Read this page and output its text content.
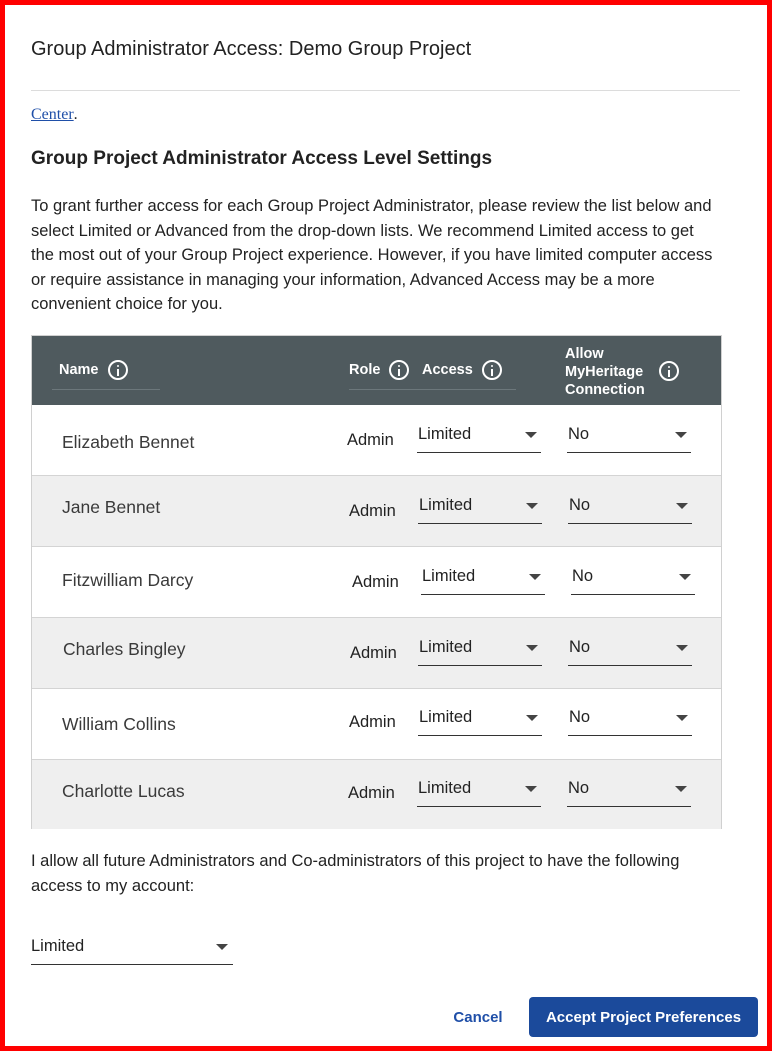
Group Administrator Access: Demo Group Project
Center.
Group Project Administrator Access Level Settings
To grant further access for each Group Project Administrator, please review the list below and select Limited or Advanced from the drop-down lists. We recommend Limited access to get the most out of your Group Project experience. However, if you have limited computer access or require assistance in managing your information, Advanced Access may be a more convenient choice for you.
Name	Role	Access
Allow
MyHeritage
Connection
Elizabeth Bennet	Admin Limited	No
Jane Bennet	Admin Limited	No
Fitzwilliam Darcy	Admin Limited	No
Charles Bingley	Admin Limited	No
William Collins	Admin Limited	No
Charlotte Lucas	Admin Limited	No
I allow all future Administrators and Co-administrators of this project to have the following access to my account:
Limited
Cancel	Accept Project Preferences
